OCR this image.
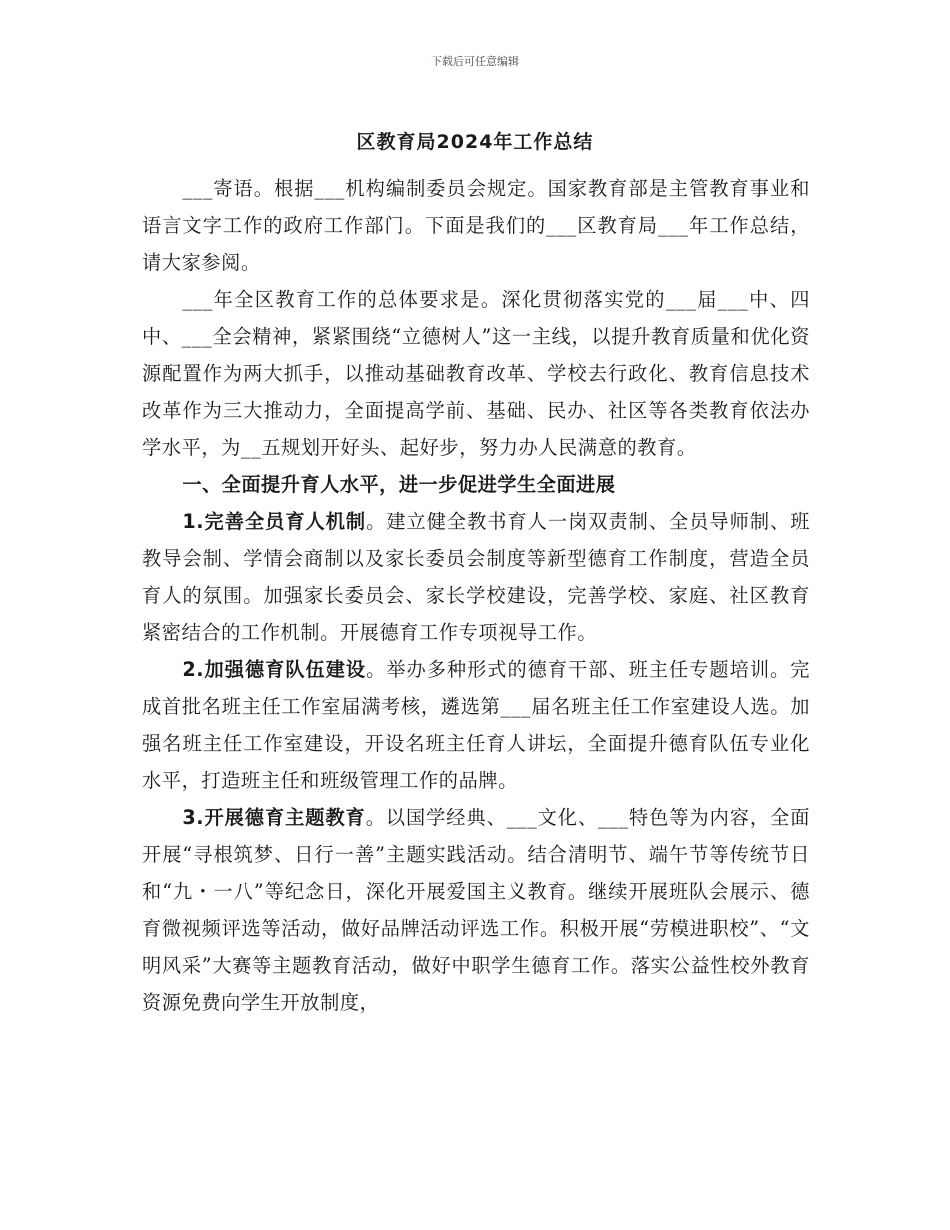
下载后可任意编辑
区教育局2024年工作总结

___寄语。根据___机构编制委员会规定。国家教育部是主管教育事业和语言文字工作的政府工作部门。下面是我们的___区教育局___年工作总结，请大家参阅。

___年全区教育工作的总体要求是。深化贯彻落实党的___届___中、四中、___全会精神，紧紧围绕“立德树人”这一主线，以提升教育质量和优化资源配置作为两大抓手，以推动基础教育改革、学校去行政化、教育信息技术改革作为三大推动力，全面提高学前、基础、民办、社区等各类教育依法办学水平，为__五规划开好头、起好步，努力办人民满意的教育。

一、全面提升育人水平，进一步促进学生全面进展

1.完善全员育人机制。建立健全教书育人一岗双责制、全员导师制、班教导会制、学情会商制以及家长委员会制度等新型德育工作制度，营造全员育人的氛围。加强家长委员会、家长学校建设，完善学校、家庭、社区教育紧密结合的工作机制。开展德育工作专项视导工作。

2.加强德育队伍建设。举办多种形式的德育干部、班主任专题培训。完成首批名班主任工作室届满考核，遴选第___届名班主任工作室建设人选。加强名班主任工作室建设，开设名班主任育人讲坛，全面提升德育队伍专业化水平，打造班主任和班级管理工作的品牌。

3.开展德育主题教育。以国学经典、___文化、___特色等为内容，全面开展“寻根筑梦、日行一善”主题实践活动。结合清明节、端午节等传统节日和“九・一八”等纪念日，深化开展爱国主义教育。继续开展班队会展示、德育微视频评选等活动，做好品牌活动评选工作。积极开展“劳模进职校”、“文明风采”大赛等主题教育活动，做好中职学生德育工作。落实公益性校外教育资源免费向学生开放制度，
